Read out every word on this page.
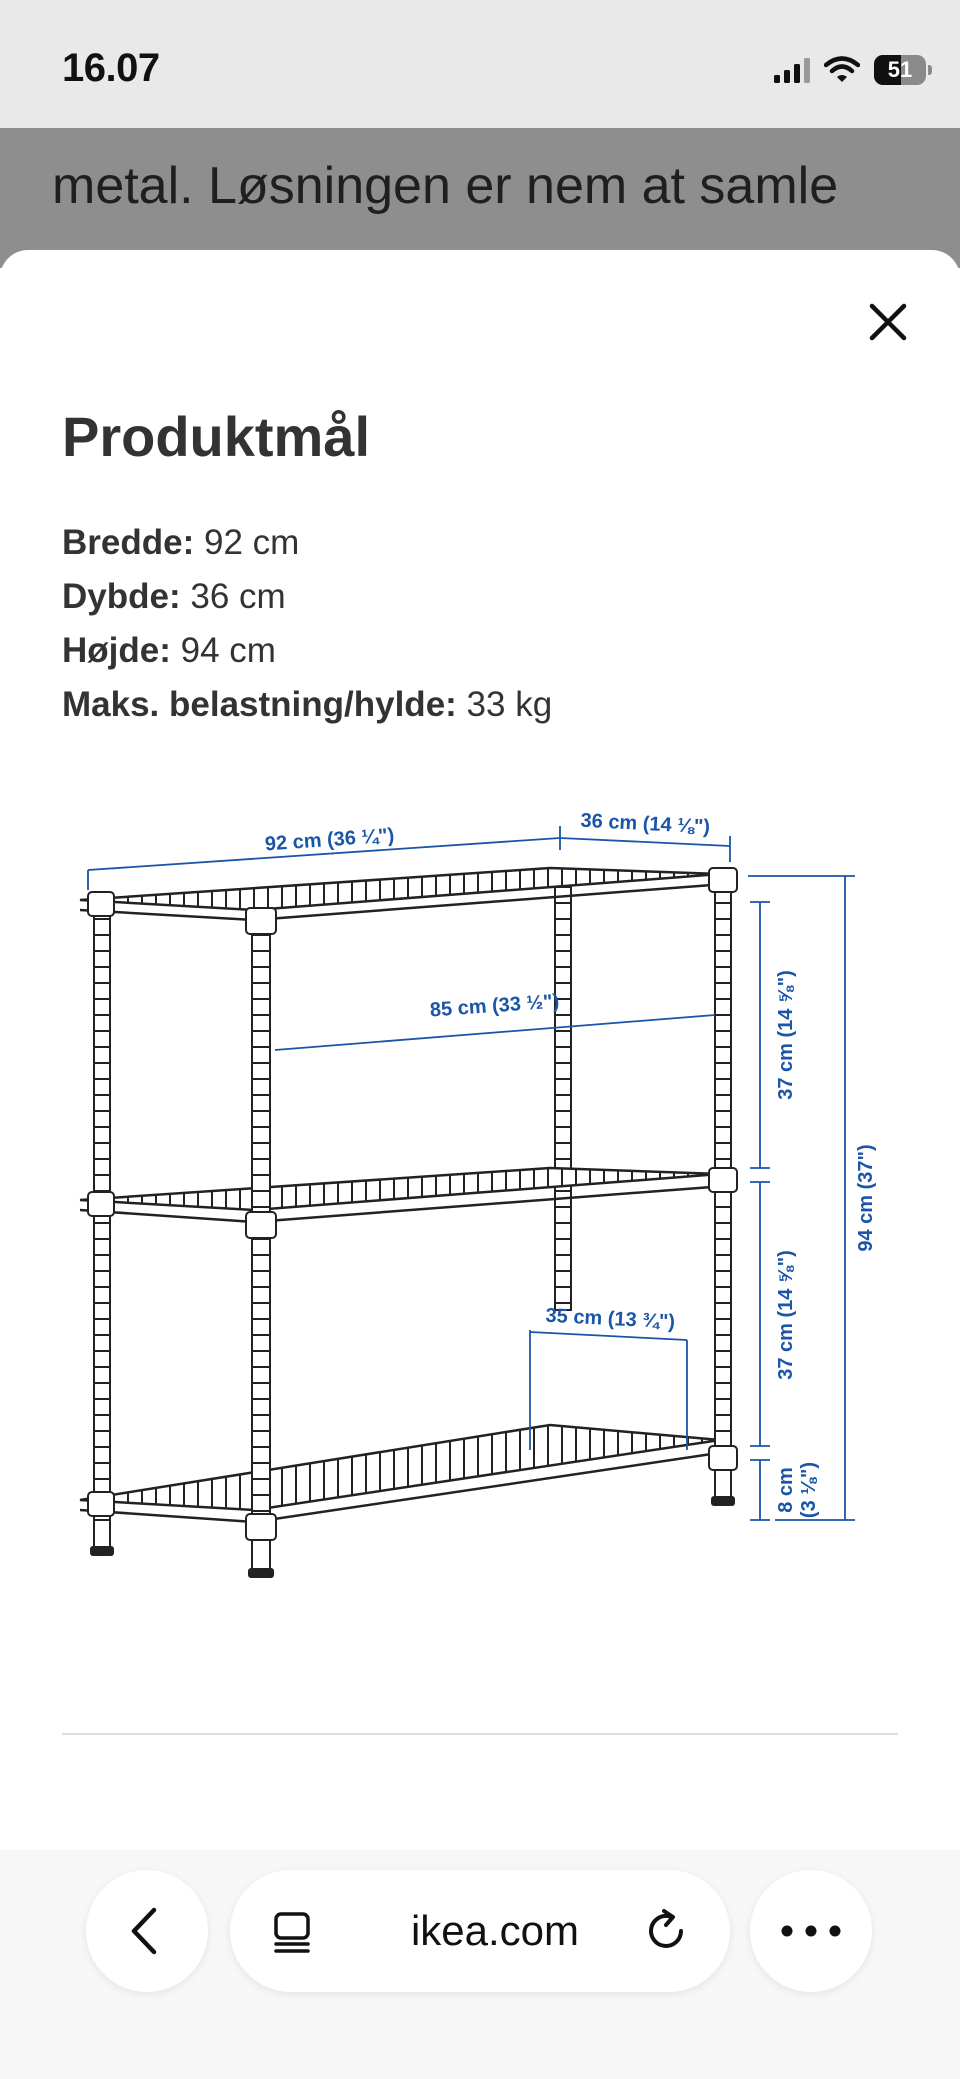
16.07	51
metal. Løsningen er nem at samle
Produktmål
Bredde: 92 cm
Dybde: 36 cm
Højde: 94 cm
Maks. belastning/hylde: 33 kg
92 cm (36 ¼")
36 cm (14 ⅛")
85 cm (33 ½")	37 cm (14 ⅝")
37 cm (14 ⅝")
94 cm (37")
35 cm (13 ¾")
8 cm (3 ⅛")
ikea.com
